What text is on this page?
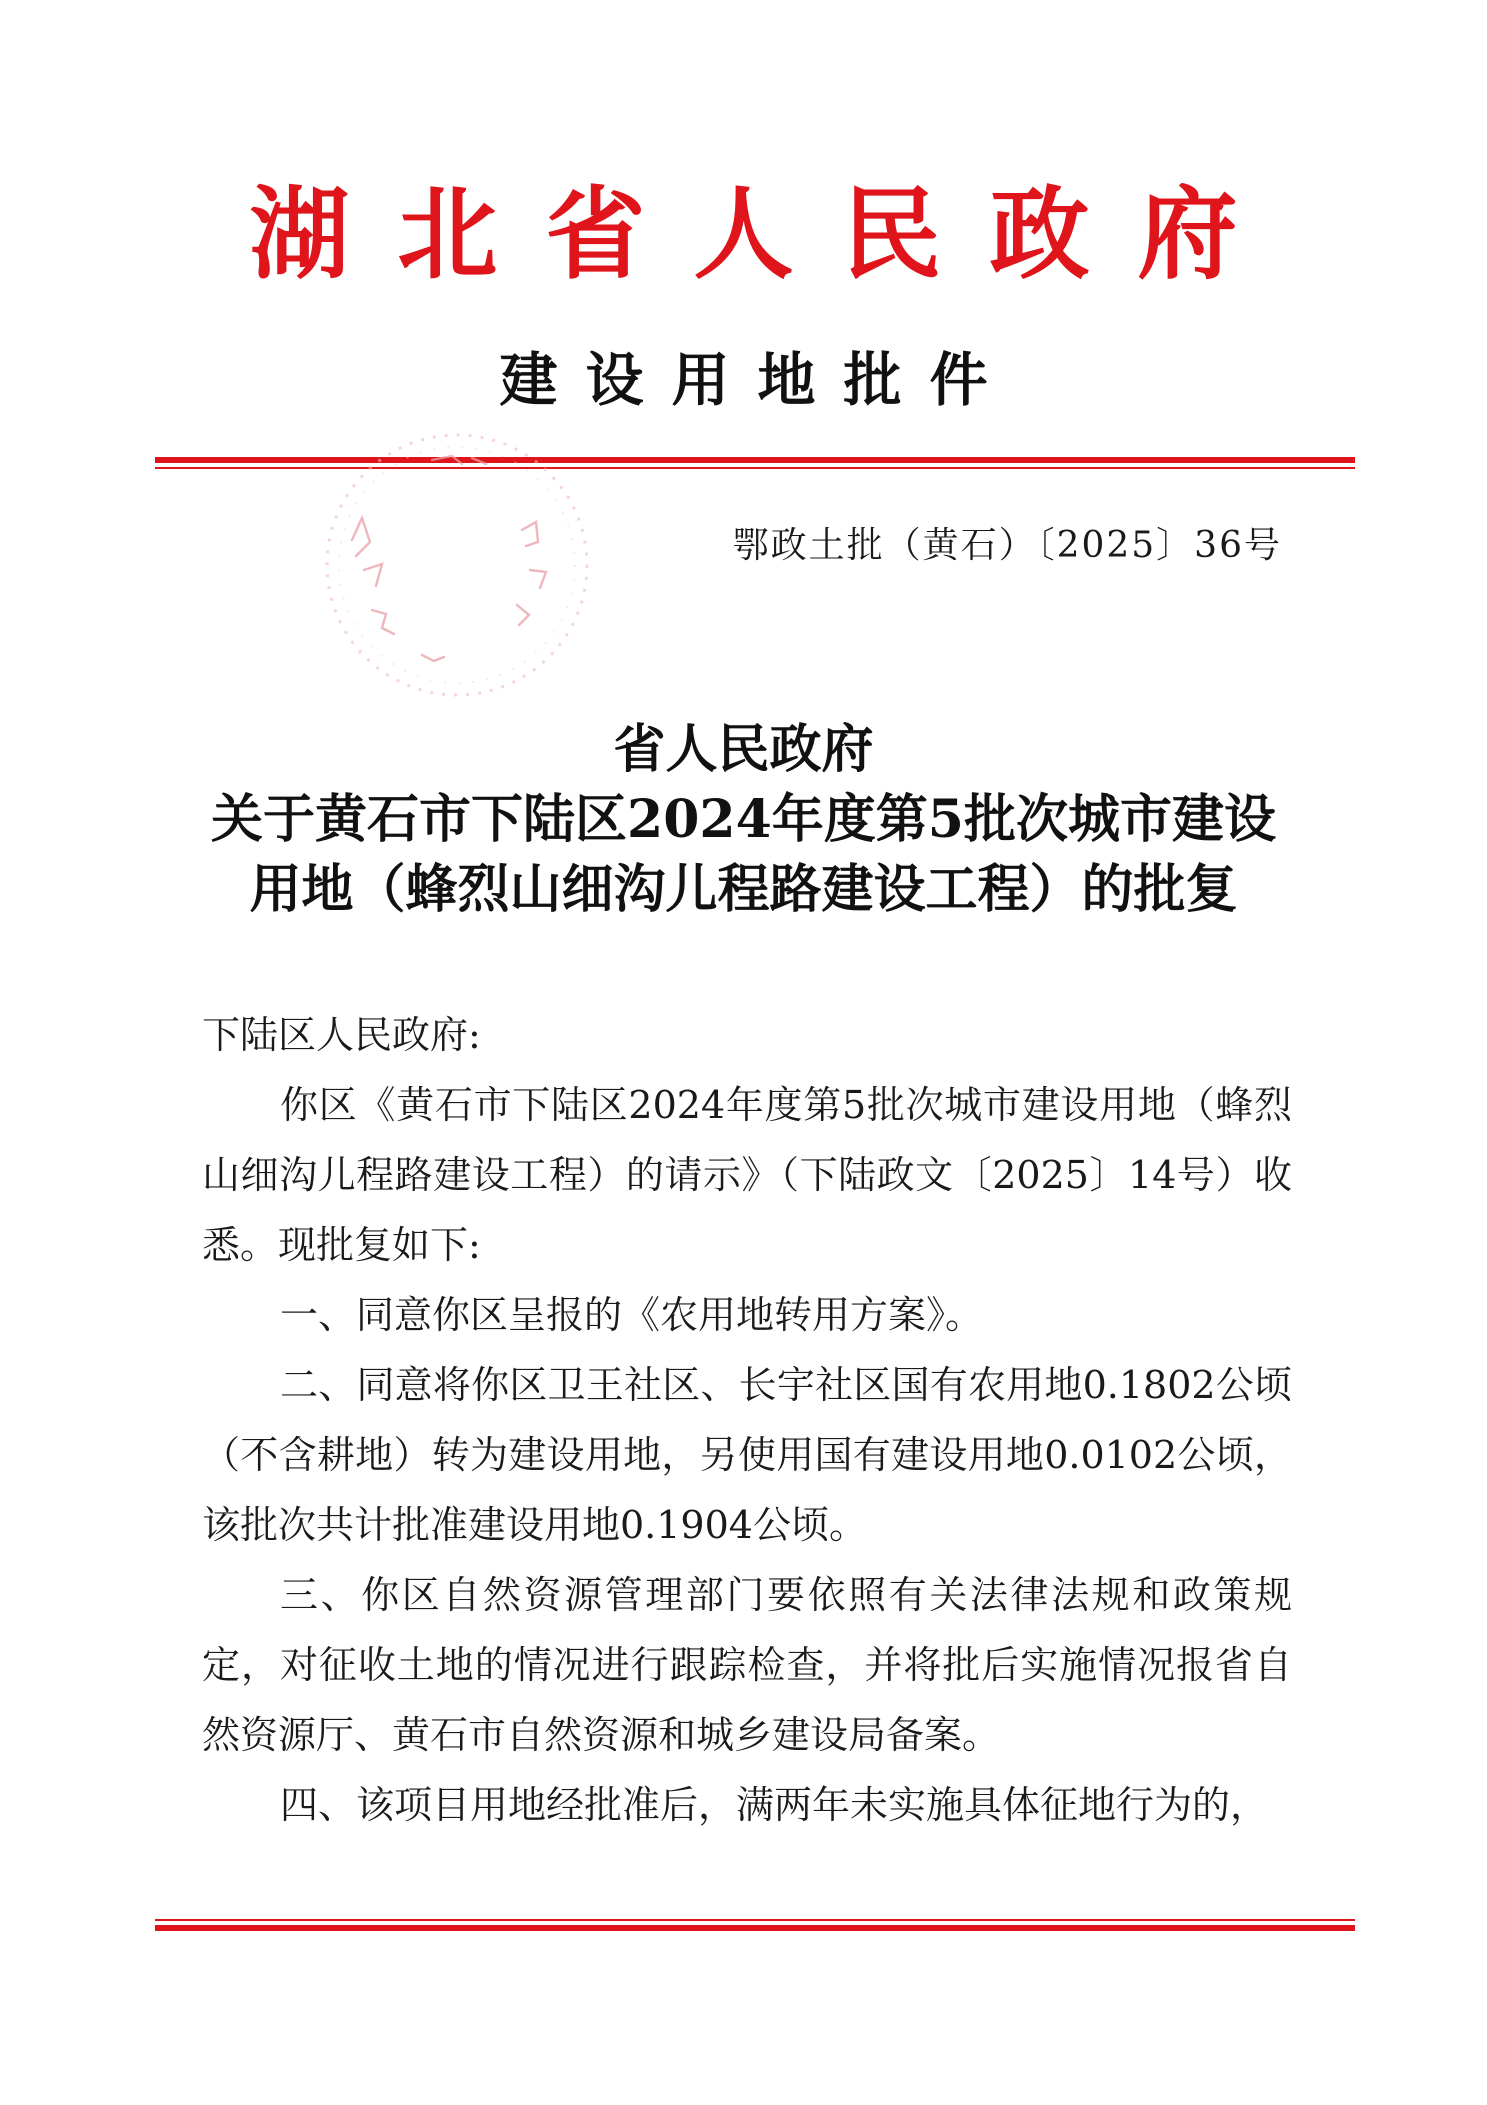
湖北省人民政府
建设用地批件
鄂政土批（黄石）〔2025〕36号
省人民政府
关于黄石市下陆区2024年度第5批次城市建设
用地（蜂烈山细沟儿程路建设工程）的批复

下陆区人民政府:

你区《黄石市下陆区2024年度第5批次城市建设用地（蜂烈山细沟儿程路建设工程）的请示》（下陆政文〔2025〕14号）收悉。现批复如下:

一、同意你区呈报的《农用地转用方案》。

二、同意将你区卫王社区、长宇社区国有农用地0.1802公顷（不含耕地）转为建设用地，另使用国有建设用地0.0102公顷，该批次共计批准建设用地0.1904公顷。

三、你区自然资源管理部门要依照有关法律法规和政策规定，对征收土地的情况进行跟踪检查，并将批后实施情况报省自然资源厅、黄石市自然资源和城乡建设局备案。

四、该项目用地经批准后，满两年未实施具体征地行为的，
